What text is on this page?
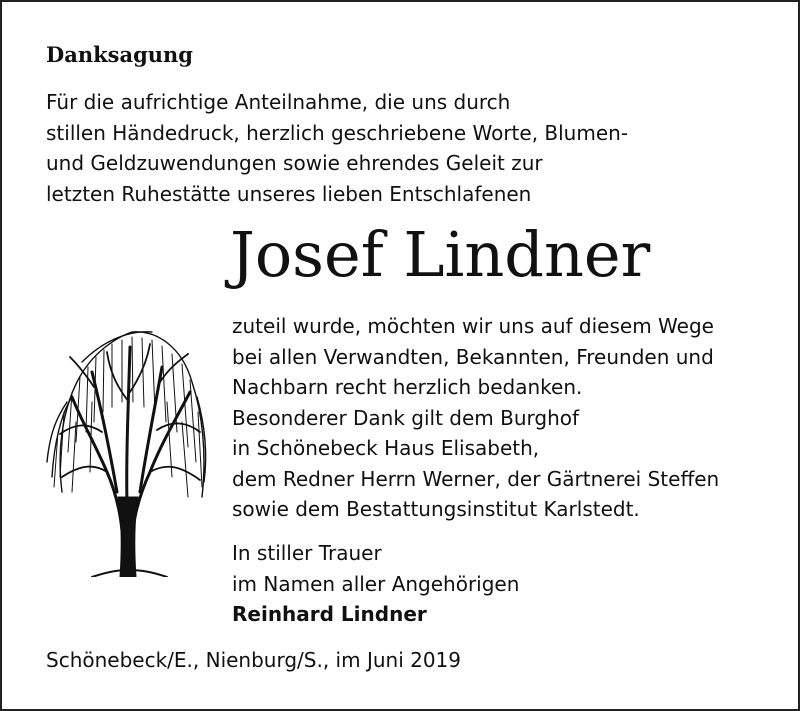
Danksagung
Für die aufrichtige Anteilnahme, die uns durch
stillen Händedruck, herzlich geschriebene Worte, Blumen-
und Geldzuwendungen sowie ehrendes Geleit zur
letzten Ruhestätte unseres lieben Entschlafenen
Josef Lindner
zuteil wurde, möchten wir uns auf diesem Wege
bei allen Verwandten, Bekannten, Freunden und
Nachbarn recht herzlich bedanken.
Besonderer Dank gilt dem Burghof
in Schönebeck Haus Elisabeth,
dem Redner Herrn Werner, der Gärtnerei Steffen
sowie dem Bestattungsinstitut Karlstedt.
In stiller Trauer
im Namen aller Angehörigen
Reinhard Lindner
Schönebeck/E., Nienburg/S., im Juni 2019
